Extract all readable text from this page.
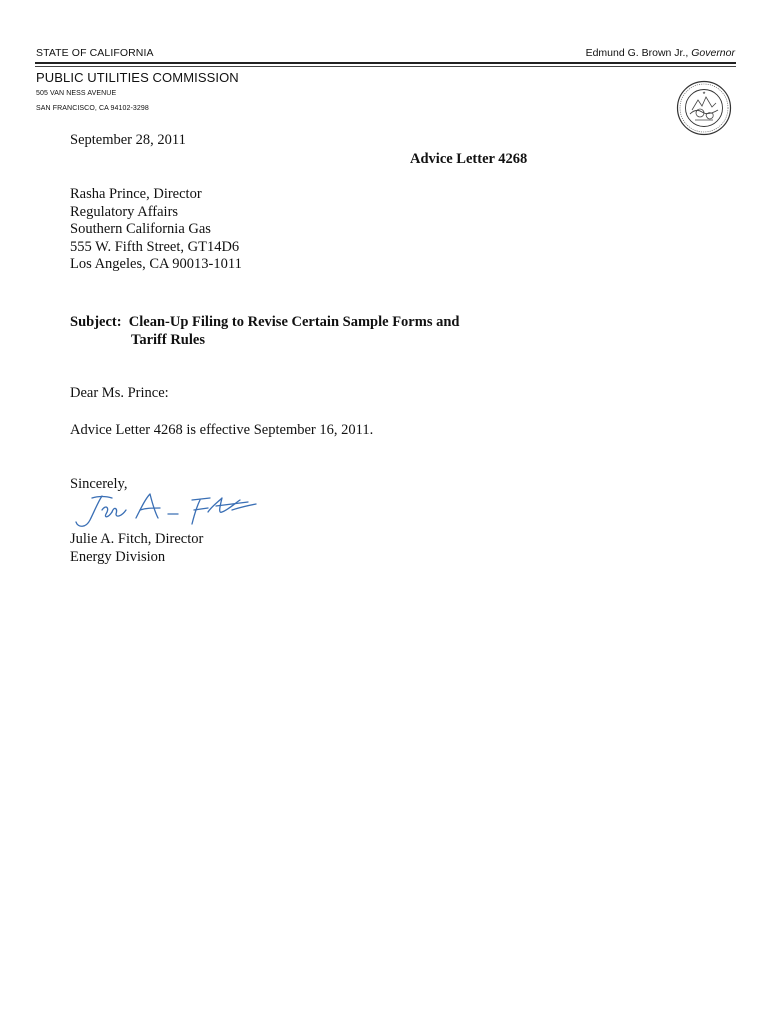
STATE OF CALIFORNIA	Edmund G. Brown Jr., Governor
PUBLIC UTILITIES COMMISSION
505 VAN NESS AVENUE
SAN FRANCISCO, CA 94102-3298
★
September 28, 2011
Advice Letter 4268
Rasha Prince, Director
Regulatory Affairs
Southern California Gas
555 W. Fifth Street, GT14D6
Los Angeles, CA 90013-1011
Subject:  Clean-Up Filing to Revise Certain Sample Forms and
Tariff Rules
Dear Ms. Prince:
Advice Letter 4268 is effective September 16, 2011.
Sincerely,
Julie A. Fitch, Director
Energy Division
